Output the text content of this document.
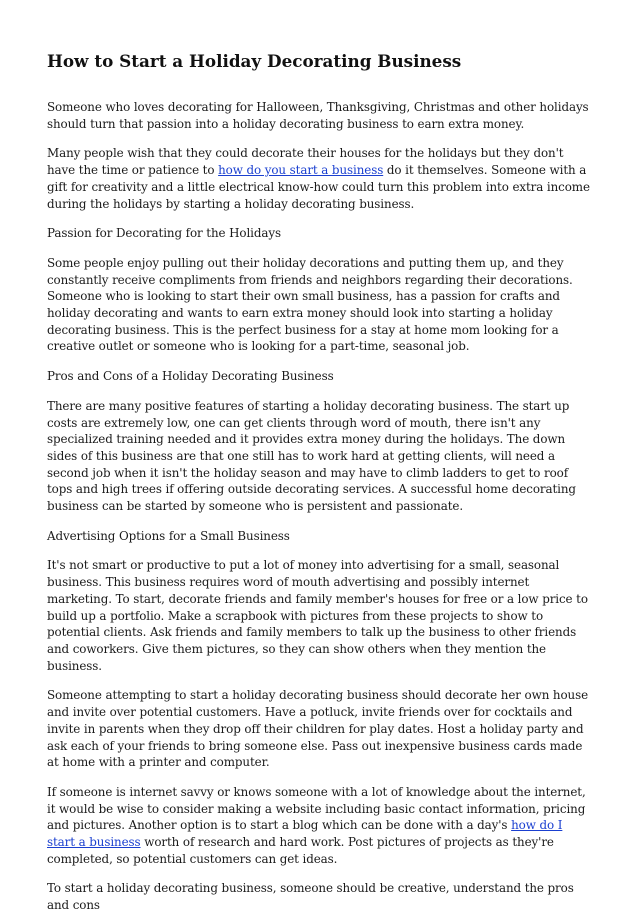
How to Start a Holiday Decorating Business

Someone who loves decorating for Halloween, Thanksgiving, Christmas and other holidays should turn that passion into a holiday decorating business to earn extra money.

Many people wish that they could decorate their houses for the holidays but they don't have the time or patience to how do you start a business do it themselves. Someone with a gift for creativity and a little electrical know-how could turn this problem into extra income during the holidays by starting a holiday decorating business.

Passion for Decorating for the Holidays

Some people enjoy pulling out their holiday decorations and putting them up, and they constantly receive compliments from friends and neighbors regarding their decorations. Someone who is looking to start their own small business, has a passion for crafts and holiday decorating and wants to earn extra money should look into starting a holiday decorating business. This is the perfect business for a stay at home mom looking for a creative outlet or someone who is looking for a part-time, seasonal job.

Pros and Cons of a Holiday Decorating Business

There are many positive features of starting a holiday decorating business. The start up costs are extremely low, one can get clients through word of mouth, there isn't any specialized training needed and it provides extra money during the holidays. The down sides of this business are that one still has to work hard at getting clients, will need a second job when it isn't the holiday season and may have to climb ladders to get to roof tops and high trees if offering outside decorating services. A successful home decorating business can be started by someone who is persistent and passionate.

Advertising Options for a Small Business

It's not smart or productive to put a lot of money into advertising for a small, seasonal business. This business requires word of mouth advertising and possibly internet marketing. To start, decorate friends and family member's houses for free or a low price to build up a portfolio. Make a scrapbook with pictures from these projects to show to potential clients. Ask friends and family members to talk up the business to other friends and coworkers. Give them pictures, so they can show others when they mention the business.

Someone attempting to start a holiday decorating business should decorate her own house and invite over potential customers. Have a potluck, invite friends over for cocktails and invite in parents when they drop off their children for play dates. Host a holiday party and ask each of your friends to bring someone else. Pass out inexpensive business cards made at home with a printer and computer.

If someone is internet savvy or knows someone with a lot of knowledge about the internet, it would be wise to consider making a website including basic contact information, pricing and pictures. Another option is to start a blog which can be done with a day's how do I start a business worth of research and hard work. Post pictures of projects as they're completed, so potential customers can get ideas.

To start a holiday decorating business, someone should be creative, understand the pros and cons
